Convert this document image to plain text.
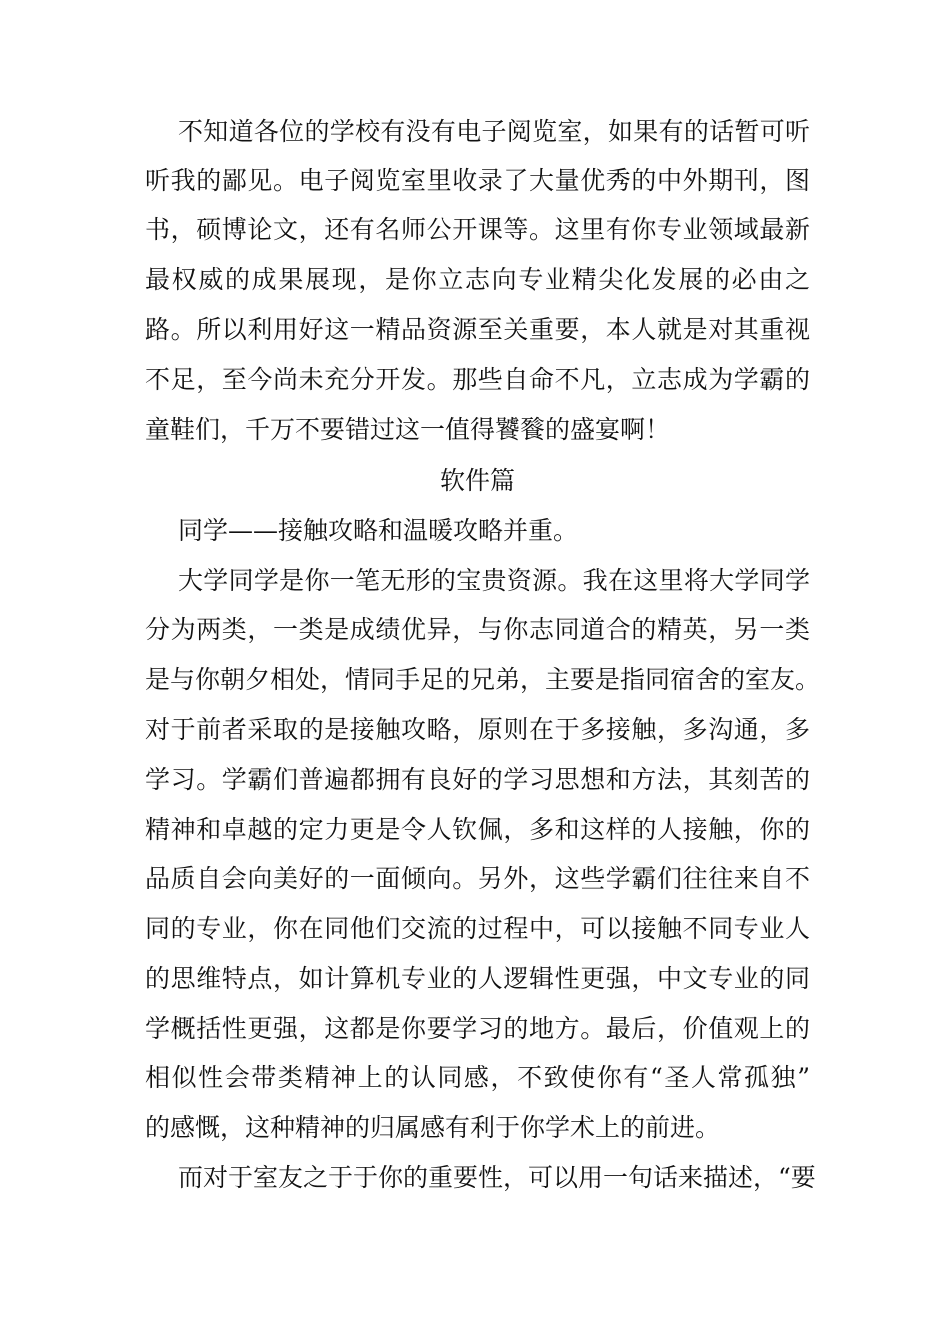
不知道各位的学校有没有电子阅览室，如果有的话暂可听
听我的鄙见。电子阅览室里收录了大量优秀的中外期刊，图
书，硕博论文，还有名师公开课等。这里有你专业领域最新
最权威的成果展现，是你立志向专业精尖化发展的必由之
路。所以利用好这一精品资源至关重要，本人就是对其重视
不足，至今尚未充分开发。那些自命不凡，立志成为学霸的
童鞋们，千万不要错过这一值得饕餮的盛宴啊！
软件篇
同学——接触攻略和温暖攻略并重。
大学同学是你一笔无形的宝贵资源。我在这里将大学同学
分为两类，一类是成绩优异，与你志同道合的精英，另一类
是与你朝夕相处，情同手足的兄弟，主要是指同宿舍的室友。
对于前者采取的是接触攻略，原则在于多接触，多沟通，多
学习。学霸们普遍都拥有良好的学习思想和方法，其刻苦的
精神和卓越的定力更是令人钦佩，多和这样的人接触，你的
品质自会向美好的一面倾向。另外，这些学霸们往往来自不
同的专业，你在同他们交流的过程中，可以接触不同专业人
的思维特点，如计算机专业的人逻辑性更强，中文专业的同
学概括性更强，这都是你要学习的地方。最后，价值观上的
相似性会带类精神上的认同感，不致使你有“圣人常孤独”
的感慨，这种精神的归属感有利于你学术上的前进。
而对于室友之于于你的重要性，可以用一句话来描述，“要
